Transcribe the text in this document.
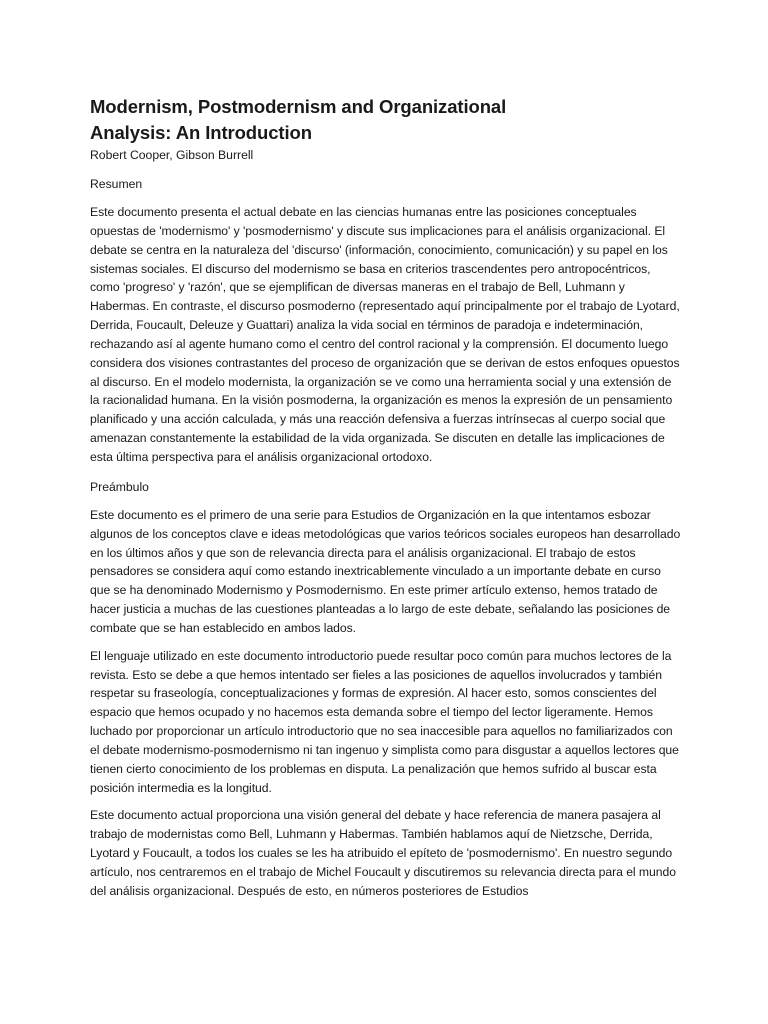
Modernism, Postmodernism and Organizational
Analysis: An Introduction

Robert Cooper, Gibson Burrell

Resumen

Este documento presenta el actual debate en las ciencias humanas entre las posiciones conceptuales opuestas de 'modernismo' y 'posmodernismo' y discute sus implicaciones para el análisis organizacional. El debate se centra en la naturaleza del 'discurso' (información, conocimiento, comunicación) y su papel en los sistemas sociales. El discurso del modernismo se basa en criterios trascendentes pero antropocéntricos, como 'progreso' y 'razón', que se ejemplifican de diversas maneras en el trabajo de Bell, Luhmann y Habermas. En contraste, el discurso posmoderno (representado aquí principalmente por el trabajo de Lyotard, Derrida, Foucault, Deleuze y Guattari) analiza la vida social en términos de paradoja e indeterminación, rechazando así al agente humano como el centro del control racional y la comprensión. El documento luego considera dos visiones contrastantes del proceso de organización que se derivan de estos enfoques opuestos al discurso. En el modelo modernista, la organización se ve como una herramienta social y una extensión de la racionalidad humana. En la visión posmoderna, la organización es menos la expresión de un pensamiento planificado y una acción calculada, y más una reacción defensiva a fuerzas intrínsecas al cuerpo social que amenazan constantemente la estabilidad de la vida organizada. Se discuten en detalle las implicaciones de esta última perspectiva para el análisis organizacional ortodoxo.

Preámbulo

Este documento es el primero de una serie para Estudios de Organización en la que intentamos esbozar algunos de los conceptos clave e ideas metodológicas que varios teóricos sociales europeos han desarrollado en los últimos años y que son de relevancia directa para el análisis organizacional. El trabajo de estos pensadores se considera aquí como estando inextricablemente vinculado a un importante debate en curso que se ha denominado Modernismo y Posmodernismo. En este primer artículo extenso, hemos tratado de hacer justicia a muchas de las cuestiones planteadas a lo largo de este debate, señalando las posiciones de combate que se han establecido en ambos lados.

El lenguaje utilizado en este documento introductorio puede resultar poco común para muchos lectores de la revista. Esto se debe a que hemos intentado ser fieles a las posiciones de aquellos involucrados y también respetar su fraseología, conceptualizaciones y formas de expresión. Al hacer esto, somos conscientes del espacio que hemos ocupado y no hacemos esta demanda sobre el tiempo del lector ligeramente. Hemos luchado por proporcionar un artículo introductorio que no sea inaccesible para aquellos no familiarizados con el debate modernismo-posmodernismo ni tan ingenuo y simplista como para disgustar a aquellos lectores que tienen cierto conocimiento de los problemas en disputa. La penalización que hemos sufrido al buscar esta posición intermedia es la longitud.

Este documento actual proporciona una visión general del debate y hace referencia de manera pasajera al trabajo de modernistas como Bell, Luhmann y Habermas. También hablamos aquí de Nietzsche, Derrida, Lyotard y Foucault, a todos los cuales se les ha atribuido el epíteto de 'posmodernismo'. En nuestro segundo artículo, nos centraremos en el trabajo de Michel Foucault y discutiremos su relevancia directa para el mundo del análisis organizacional. Después de esto, en números posteriores de Estudios
